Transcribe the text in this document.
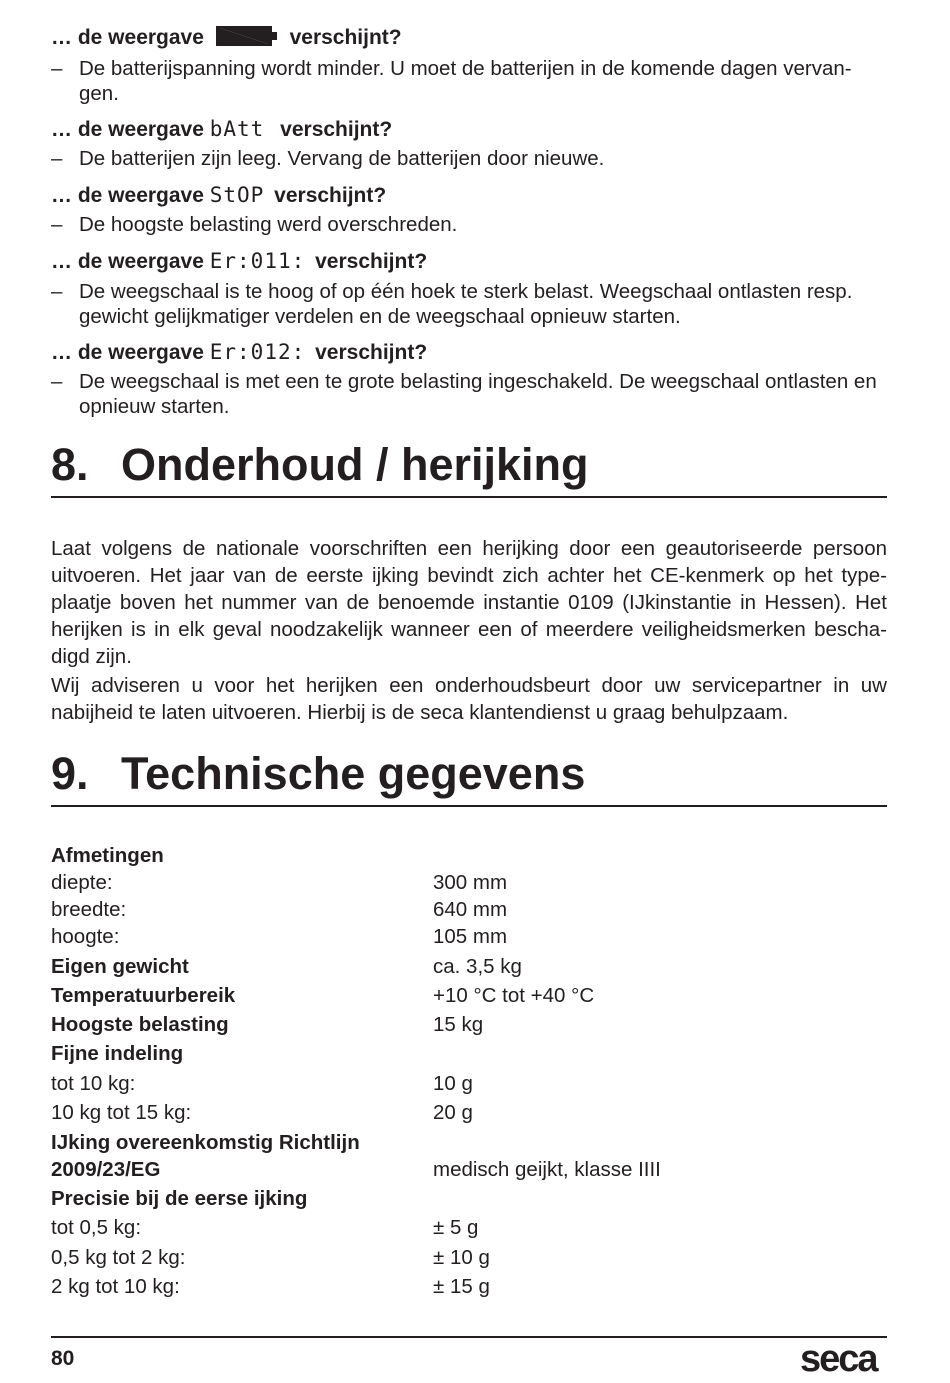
… de weergave	verschijnt?
– De batterijspanning wordt minder. U moet de batterijen in de komende dagen vervan-gen.
… de weergave bAtt verschijnt?
– De batterijen zijn leeg. Vervang de batterijen door nieuwe.
… de weergave StOP verschijnt?
– De hoogste belasting werd overschreden.
… de weergave Er:011: verschijnt?
– De weegschaal is te hoog of op één hoek te sterk belast. Weegschaal ontlasten resp. gewicht gelijkmatiger verdelen en de weegschaal opnieuw starten.
… de weergave Er:012: verschijnt?
– De weegschaal is met een te grote belasting ingeschakeld. De weegschaal ontlasten en opnieuw starten.
8. Onderhoud / herijking
Laat volgens de nationale voorschriften een herijking door een geautoriseerde persoon uitvoeren. Het jaar van de eerste ijking bevindt zich achter het CE-kenmerk op het type-plaatje boven het nummer van de benoemde instantie 0109 (IJkinstantie in Hessen). Het herijken is in elk geval noodzakelijk wanneer een of meerdere veiligheidsmerken bescha-digd zijn.
Wij adviseren u voor het herijken een onderhoudsbeurt door uw servicepartner in uw nabijheid te laten uitvoeren. Hierbij is de seca klantendienst u graag behulpzaam.
9. Technische gegevens
Afmetingen
diepte:	300 mm
breedte:	640 mm
hoogte:	105 mm
Eigen gewicht	ca. 3,5 kg
Temperatuurbereik	+10 °C tot +40 °C
Hoogste belasting	15 kg
Fijne indeling
tot 10 kg:	10 g
10 kg tot 15 kg:	20 g
IJking overeenkomstig Richtlijn
2009/23/EG	medisch geijkt, klasse IIII
Precisie bij de eerse ijking
tot 0,5 kg:	± 5 g
0,5 kg tot 2 kg:	± 10 g
2 kg tot 10 kg:	± 15 g
80	seca
